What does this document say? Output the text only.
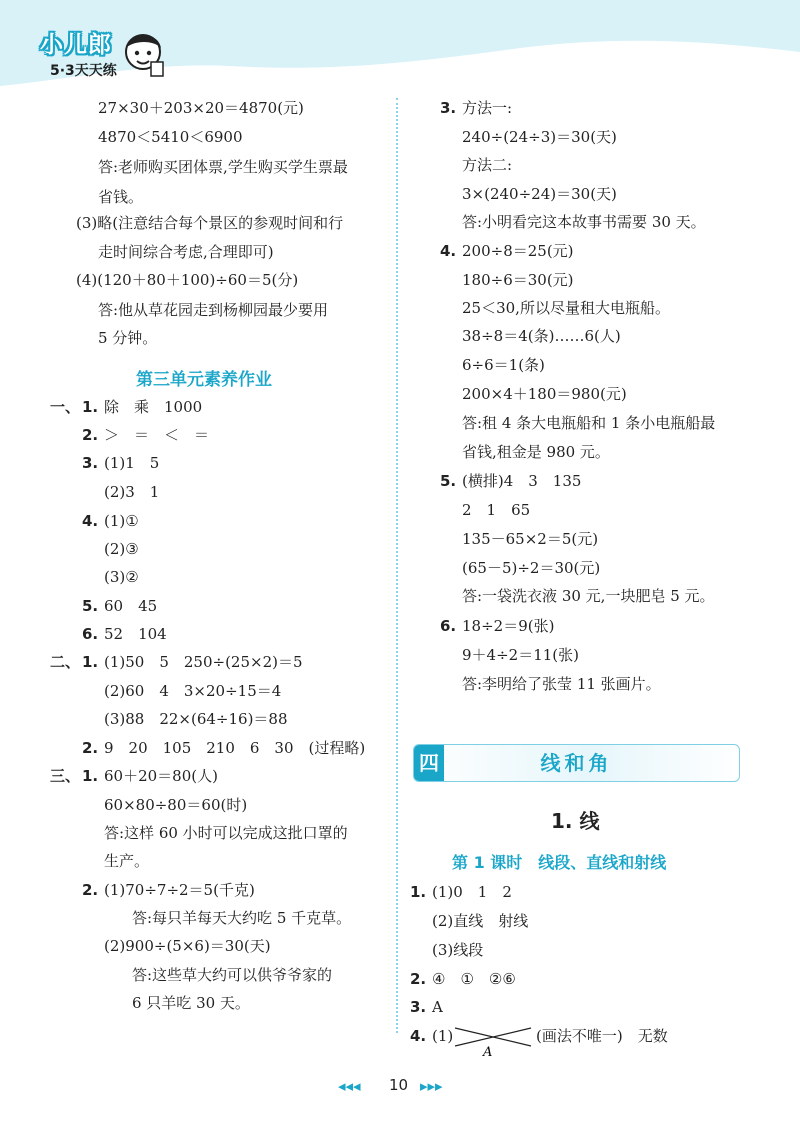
小儿郎
5·3天天练
27×30＋203×20＝4870(元)
4870＜5410＜6900
答:老师购买团体票,学生购买学生票最
省钱。
(3)略(注意结合每个景区的参观时间和行
走时间综合考虑,合理即可)
(4)(120＋80＋100)÷60＝5(分)
答:他从草花园走到杨柳园最少要用
5 分钟。
第三单元素养作业
一、 1. 除　乘　1000
2. ＞　＝　＜　＝
3. (1)1　5
(2)3　1
4. (1)①
(2)③
(3)②
5. 60　45
6. 52　104
二、 1. (1)50　5　250÷(25×2)＝5
(2)60　4　3×20÷15＝4
(3)88　22×(64÷16)＝88
2. 9　20　105　210　6　30　(过程略)
三、 1. 60＋20＝80(人)
60×80÷80＝60(时)
答:这样 60 小时可以完成这批口罩的
生产。
2. (1)70÷7÷2＝5(千克)
答:每只羊每天大约吃 5 千克草。
(2)900÷(5×6)＝30(天)
答:这些草大约可以供爷爷家的
6 只羊吃 30 天。
3. 方法一:
240÷(24÷3)＝30(天)
方法二:
3×(240÷24)＝30(天)
答:小明看完这本故事书需要 30 天。
4. 200÷8＝25(元)
180÷6＝30(元)
25＜30,所以尽量租大电瓶船。
38÷8＝4(条)……6(人)
6÷6＝1(条)
200×4＋180＝980(元)
答:租 4 条大电瓶船和 1 条小电瓶船最
省钱,租金是 980 元。
5. (横排)4　3　135
2　1　65
135－65×2＝5(元)
(65－5)÷2＝30(元)
答:一袋洗衣液 30 元,一块肥皂 5 元。
6. 18÷2＝9(张)
9＋4÷2＝11(张)
答:李明给了张莹 11 张画片。
线和角
四
1. 线
第 1 课时　线段、直线和射线
1. (1)0　1　2
(2)直线　射线
(3)线段
2. ④　①　②⑥
3. A
4. (1)
A
(画法不唯一)　无数
◂◂◂ 10 ▸▸▸
